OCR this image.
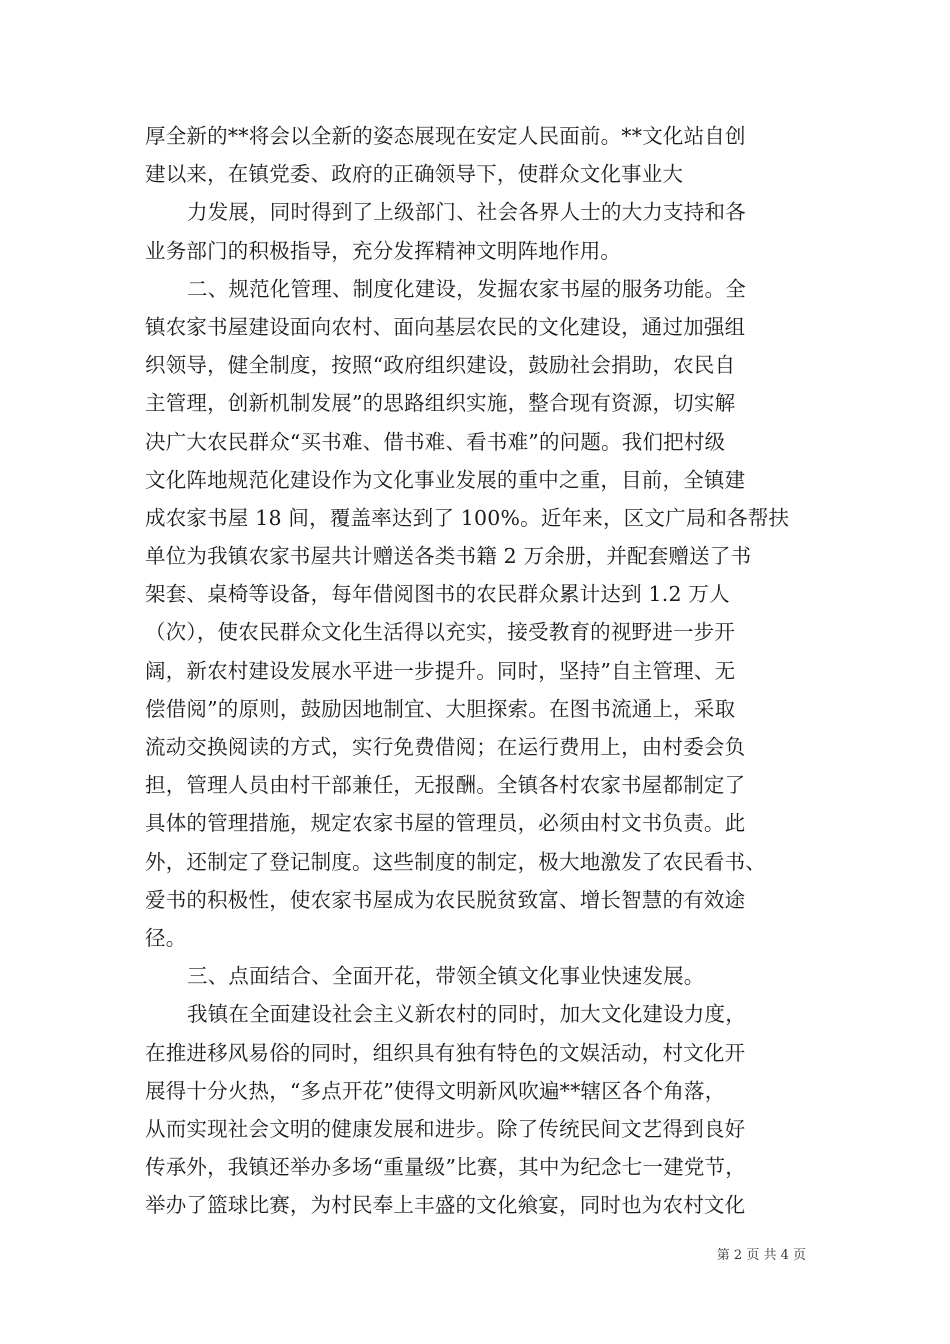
厚全新的**将会以全新的姿态展现在安定人民面前。**文化站自创
建以来，在镇党委、政府的正确领导下，使群众文化事业大
力发展，同时得到了上级部门、社会各界人士的大力支持和各
业务部门的积极指导，充分发挥精神文明阵地作用。
二、规范化管理、制度化建设，发掘农家书屋的服务功能。全
镇农家书屋建设面向农村、面向基层农民的文化建设，通过加强组
织领导，健全制度，按照“政府组织建设，鼓励社会捐助，农民自
主管理，创新机制发展”的思路组织实施，整合现有资源，切实解
决广大农民群众“买书难、借书难、看书难”的问题。我们把村级
文化阵地规范化建设作为文化事业发展的重中之重，目前，全镇建
成农家书屋 18 间，覆盖率达到了 100%。近年来，区文广局和各帮扶
单位为我镇农家书屋共计赠送各类书籍 2 万余册，并配套赠送了书
架套、桌椅等设备，每年借阅图书的农民群众累计达到 1.2 万人
（次），使农民群众文化生活得以充实，接受教育的视野进一步开
阔，新农村建设发展水平进一步提升。同时，坚持”自主管理、无
偿借阅”的原则，鼓励因地制宜、大胆探索。在图书流通上，采取
流动交换阅读的方式，实行免费借阅；在运行费用上，由村委会负
担，管理人员由村干部兼任，无报酬。全镇各村农家书屋都制定了
具体的管理措施，规定农家书屋的管理员，必须由村文书负责。此
外，还制定了登记制度。这些制度的制定，极大地激发了农民看书、
爱书的积极性，使农家书屋成为农民脱贫致富、增长智慧的有效途
径。
三、点面结合、全面开花，带领全镇文化事业快速发展。
我镇在全面建设社会主义新农村的同时，加大文化建设力度，
在推进移风易俗的同时，组织具有独有特色的文娱活动，村文化开
展得十分火热，“多点开花”使得文明新风吹遍**辖区各个角落，
从而实现社会文明的健康发展和进步。除了传统民间文艺得到良好
传承外，我镇还举办多场“重量级”比赛，其中为纪念七一建党节，
举办了篮球比赛，为村民奉上丰盛的文化飨宴，同时也为农村文化
第 2 页 共 4 页
